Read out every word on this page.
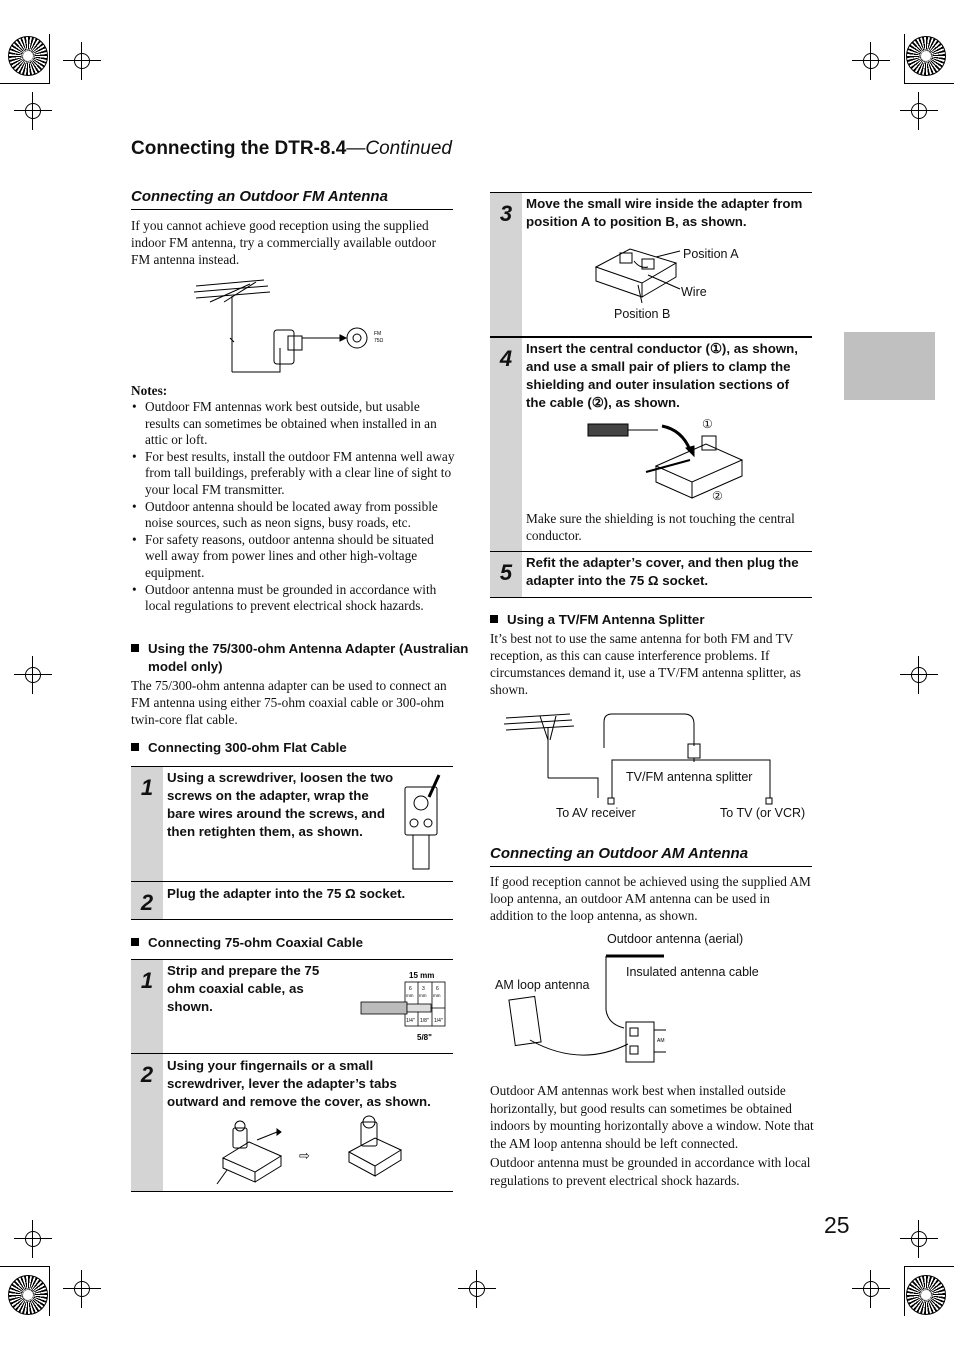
Connecting the DTR-8.4—Continued
Connecting an Outdoor FM Antenna
If you cannot achieve good reception using the supplied indoor FM antenna, try a commercially available outdoor FM antenna instead.
FM
75Ω
Notes:
• Outdoor FM antennas work best outside, but usable results can sometimes be obtained when installed in an attic or loft.
• For best results, install the outdoor FM antenna well away from tall buildings, preferably with a clear line of sight to your local FM transmitter.
• Outdoor antenna should be located away from possible noise sources, such as neon signs, busy roads, etc.
• For safety reasons, outdoor antenna should be situated well away from power lines and other high-voltage equipment.
• Outdoor antenna must be grounded in accordance with local regulations to prevent electrical shock hazards.
Using the 75/300-ohm Antenna Adapter (Australian model only)
The 75/300-ohm antenna adapter can be used to connect an FM antenna using either 75-ohm coaxial cable or 300-ohm twin-core flat cable.
Connecting 300-ohm Flat Cable
1	Using a screwdriver, loosen the two screws on the adapter, wrap the bare wires around the screws, and then retighten them, as shown.
2	Plug the adapter into the 75 Ω socket.
Connecting 75-ohm Coaxial Cable
1	Strip and prepare the 75 ohm coaxial cable, as shown.
15 mm
6 3 6
mm mm mm
1/4" 1/8" 1/4"
5/8"
2	Using your fingernails or a small screwdriver, lever the adapter’s tabs outward and remove the cover, as shown.
⇨
3	Move the small wire inside the adapter from position A to position B, as shown.
Position A
Wire
Position B
4	Insert the central conductor (①), as shown, and use a small pair of pliers to clamp the shielding and outer insulation sections of the cable (②), as shown.
①
②
Make sure the shielding is not touching the central conductor.
5	Refit the adapter’s cover, and then plug the adapter into the 75 Ω socket.
Using a TV/FM Antenna Splitter
It’s best not to use the same antenna for both FM and TV reception, as this can cause interference problems. If circumstances demand it, use a TV/FM antenna splitter, as shown.
TV/FM antenna splitter
To AV receiver	To TV (or VCR)
Connecting an Outdoor AM Antenna
If good reception cannot be achieved using the supplied AM loop antenna, an outdoor AM antenna can be used in addition to the loop antenna, as shown.
AM
Outdoor antenna (aerial)
Insulated antenna cable
AM loop antenna
Outdoor AM antennas work best when installed outside horizontally, but good results can sometimes be obtained indoors by mounting horizontally above a window. Note that the AM loop antenna should be left connected.
Outdoor antenna must be grounded in accordance with local regulations to prevent electrical shock hazards.
25
